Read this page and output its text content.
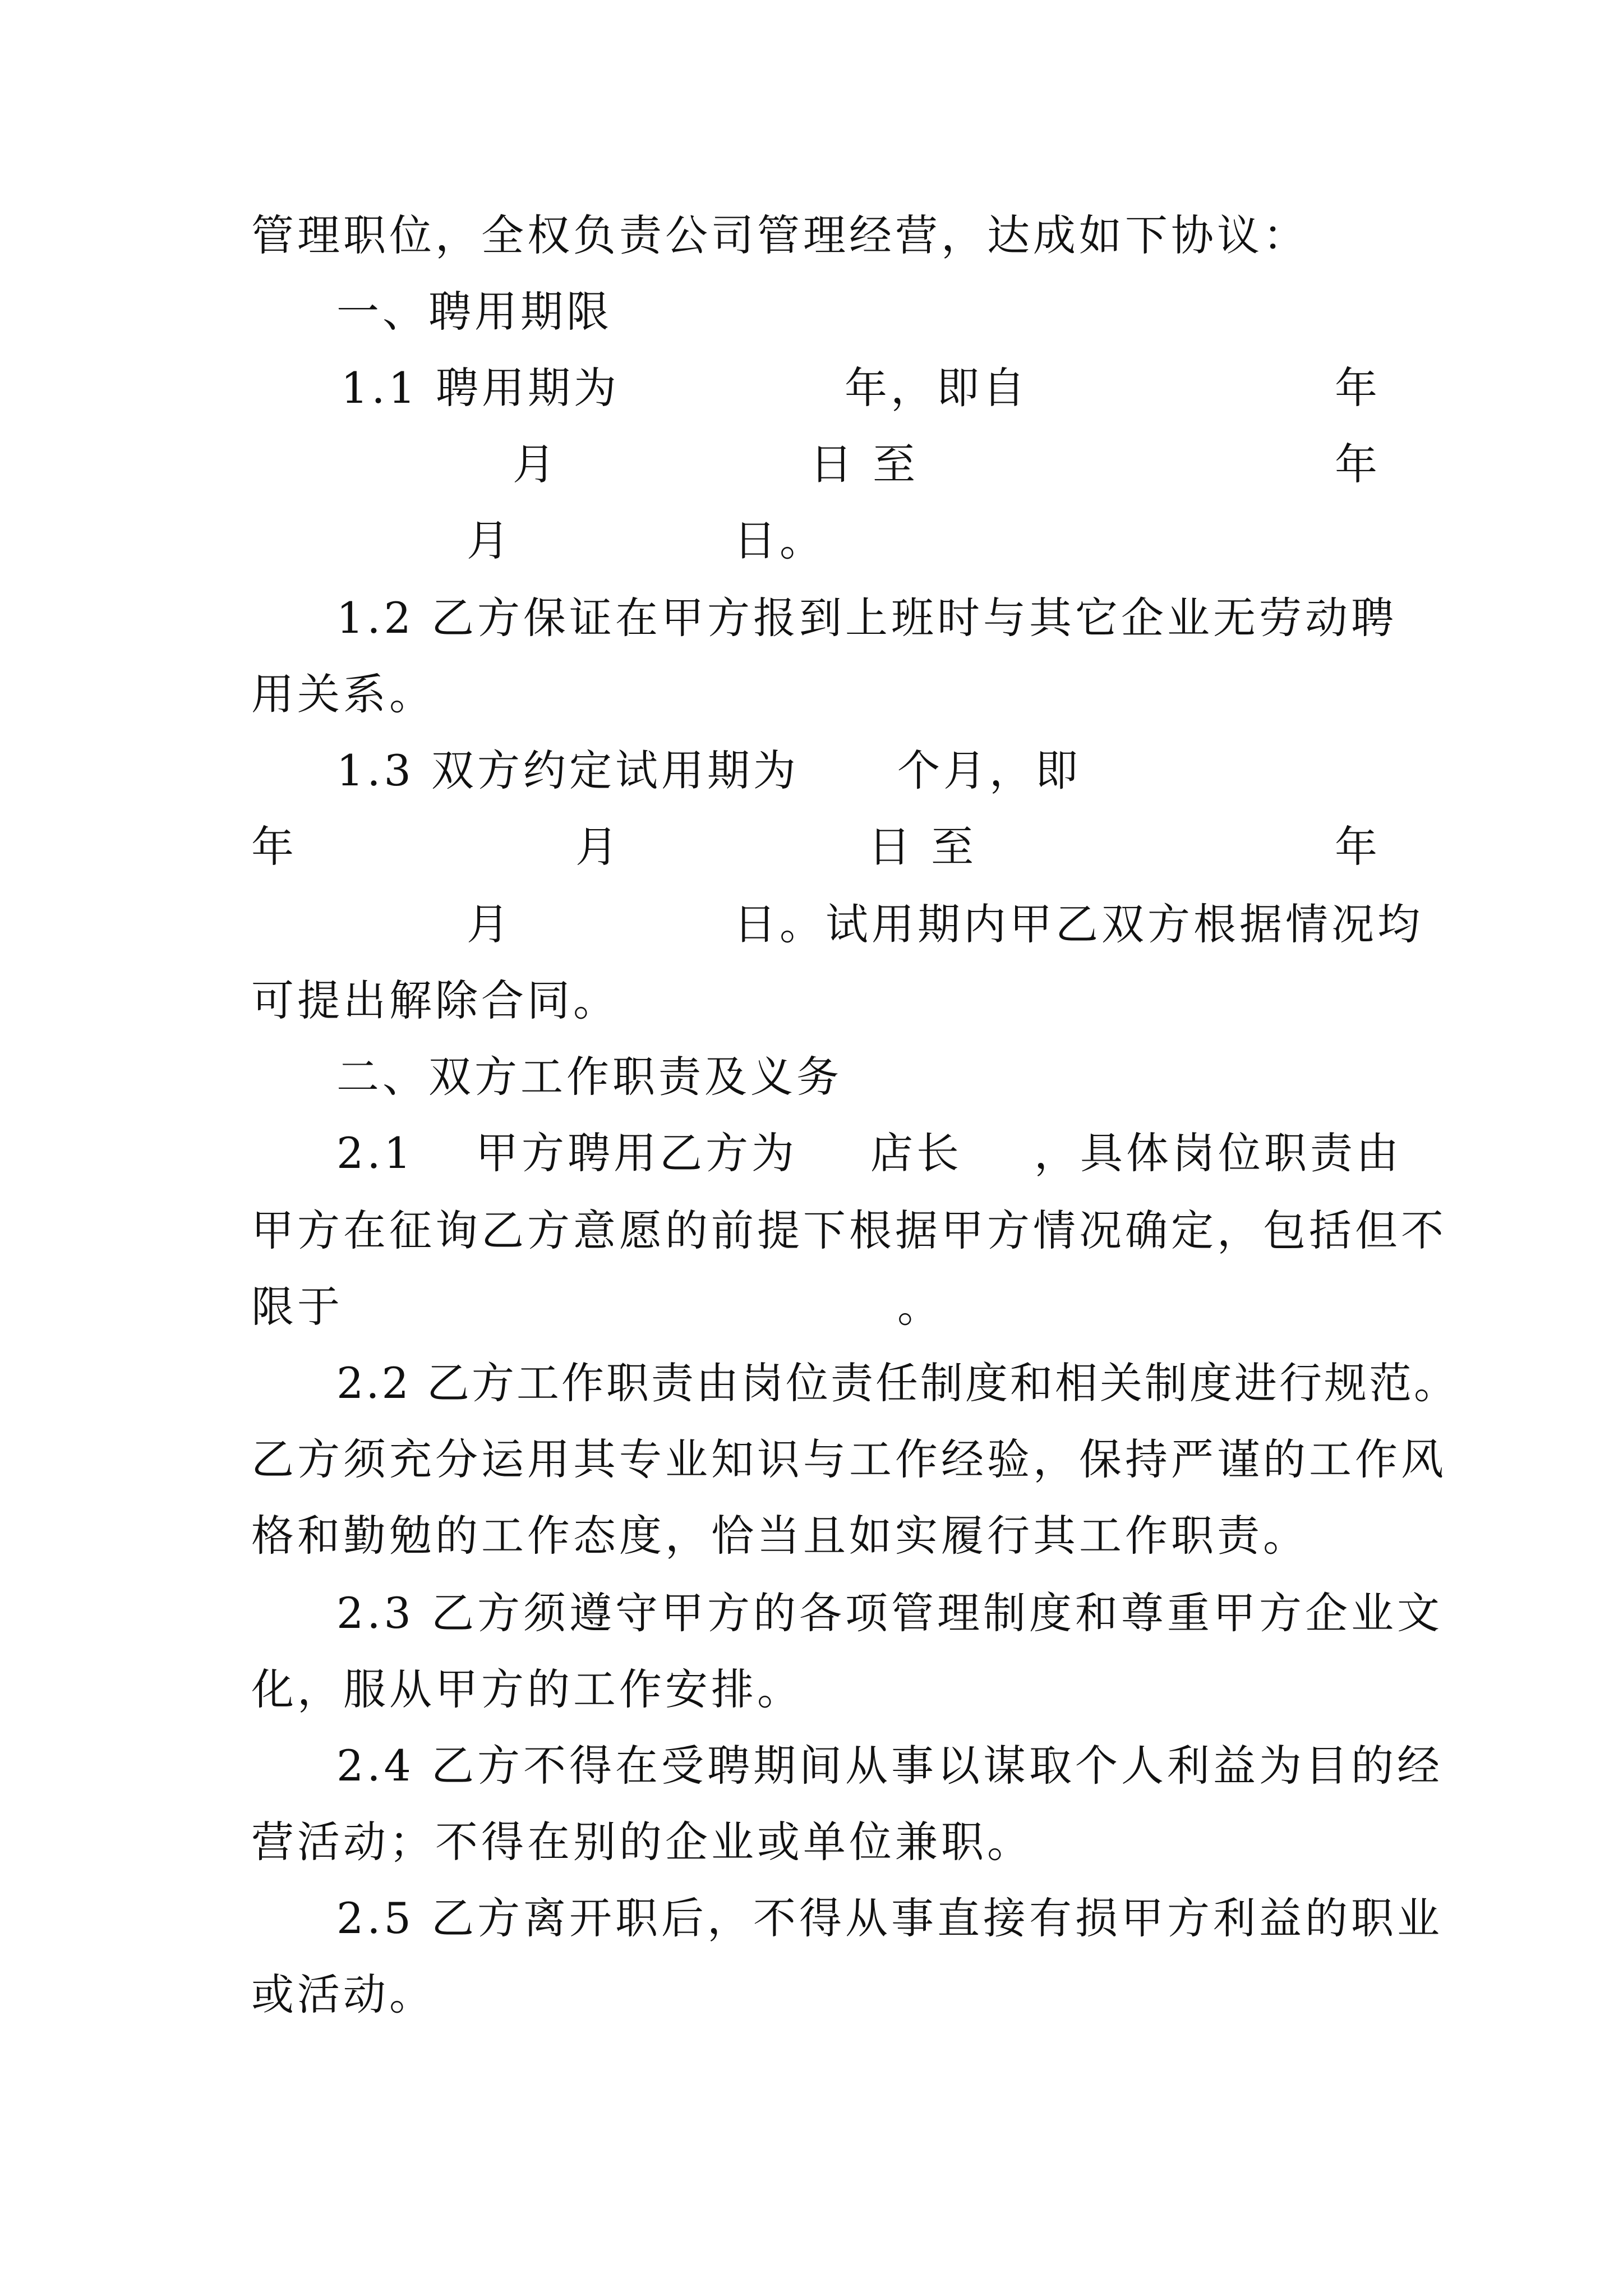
管理职位，全权负责公司管理经营，达成如下协议：
一、聘用期限
1.1 聘用期为	年，即自	年
月	日 至	年
月	日。
1.2 乙方保证在甲方报到上班时与其它企业无劳动聘
用关系。
1.3 双方约定试用期为 个月，即
年	月	日 至	年
月	日。试用期内甲乙双方根据情况均
可提出解除合同。
二、双方工作职责及义务
2.1 甲方聘用乙方为 店长 ，具体岗位职责由
甲方在征询乙方意愿的前提下根据甲方情况确定，包括但不
限于	。
2.2 乙方工作职责由岗位责任制度和相关制度进行规范。
乙方须充分运用其专业知识与工作经验，保持严谨的工作风
格和勤勉的工作态度，恰当且如实履行其工作职责。
2.3 乙方须遵守甲方的各项管理制度和尊重甲方企业文
化，服从甲方的工作安排。
2.4 乙方不得在受聘期间从事以谋取个人利益为目的经
营活动；不得在别的企业或单位兼职。
2.5 乙方离开职后，不得从事直接有损甲方利益的职业
或活动。
